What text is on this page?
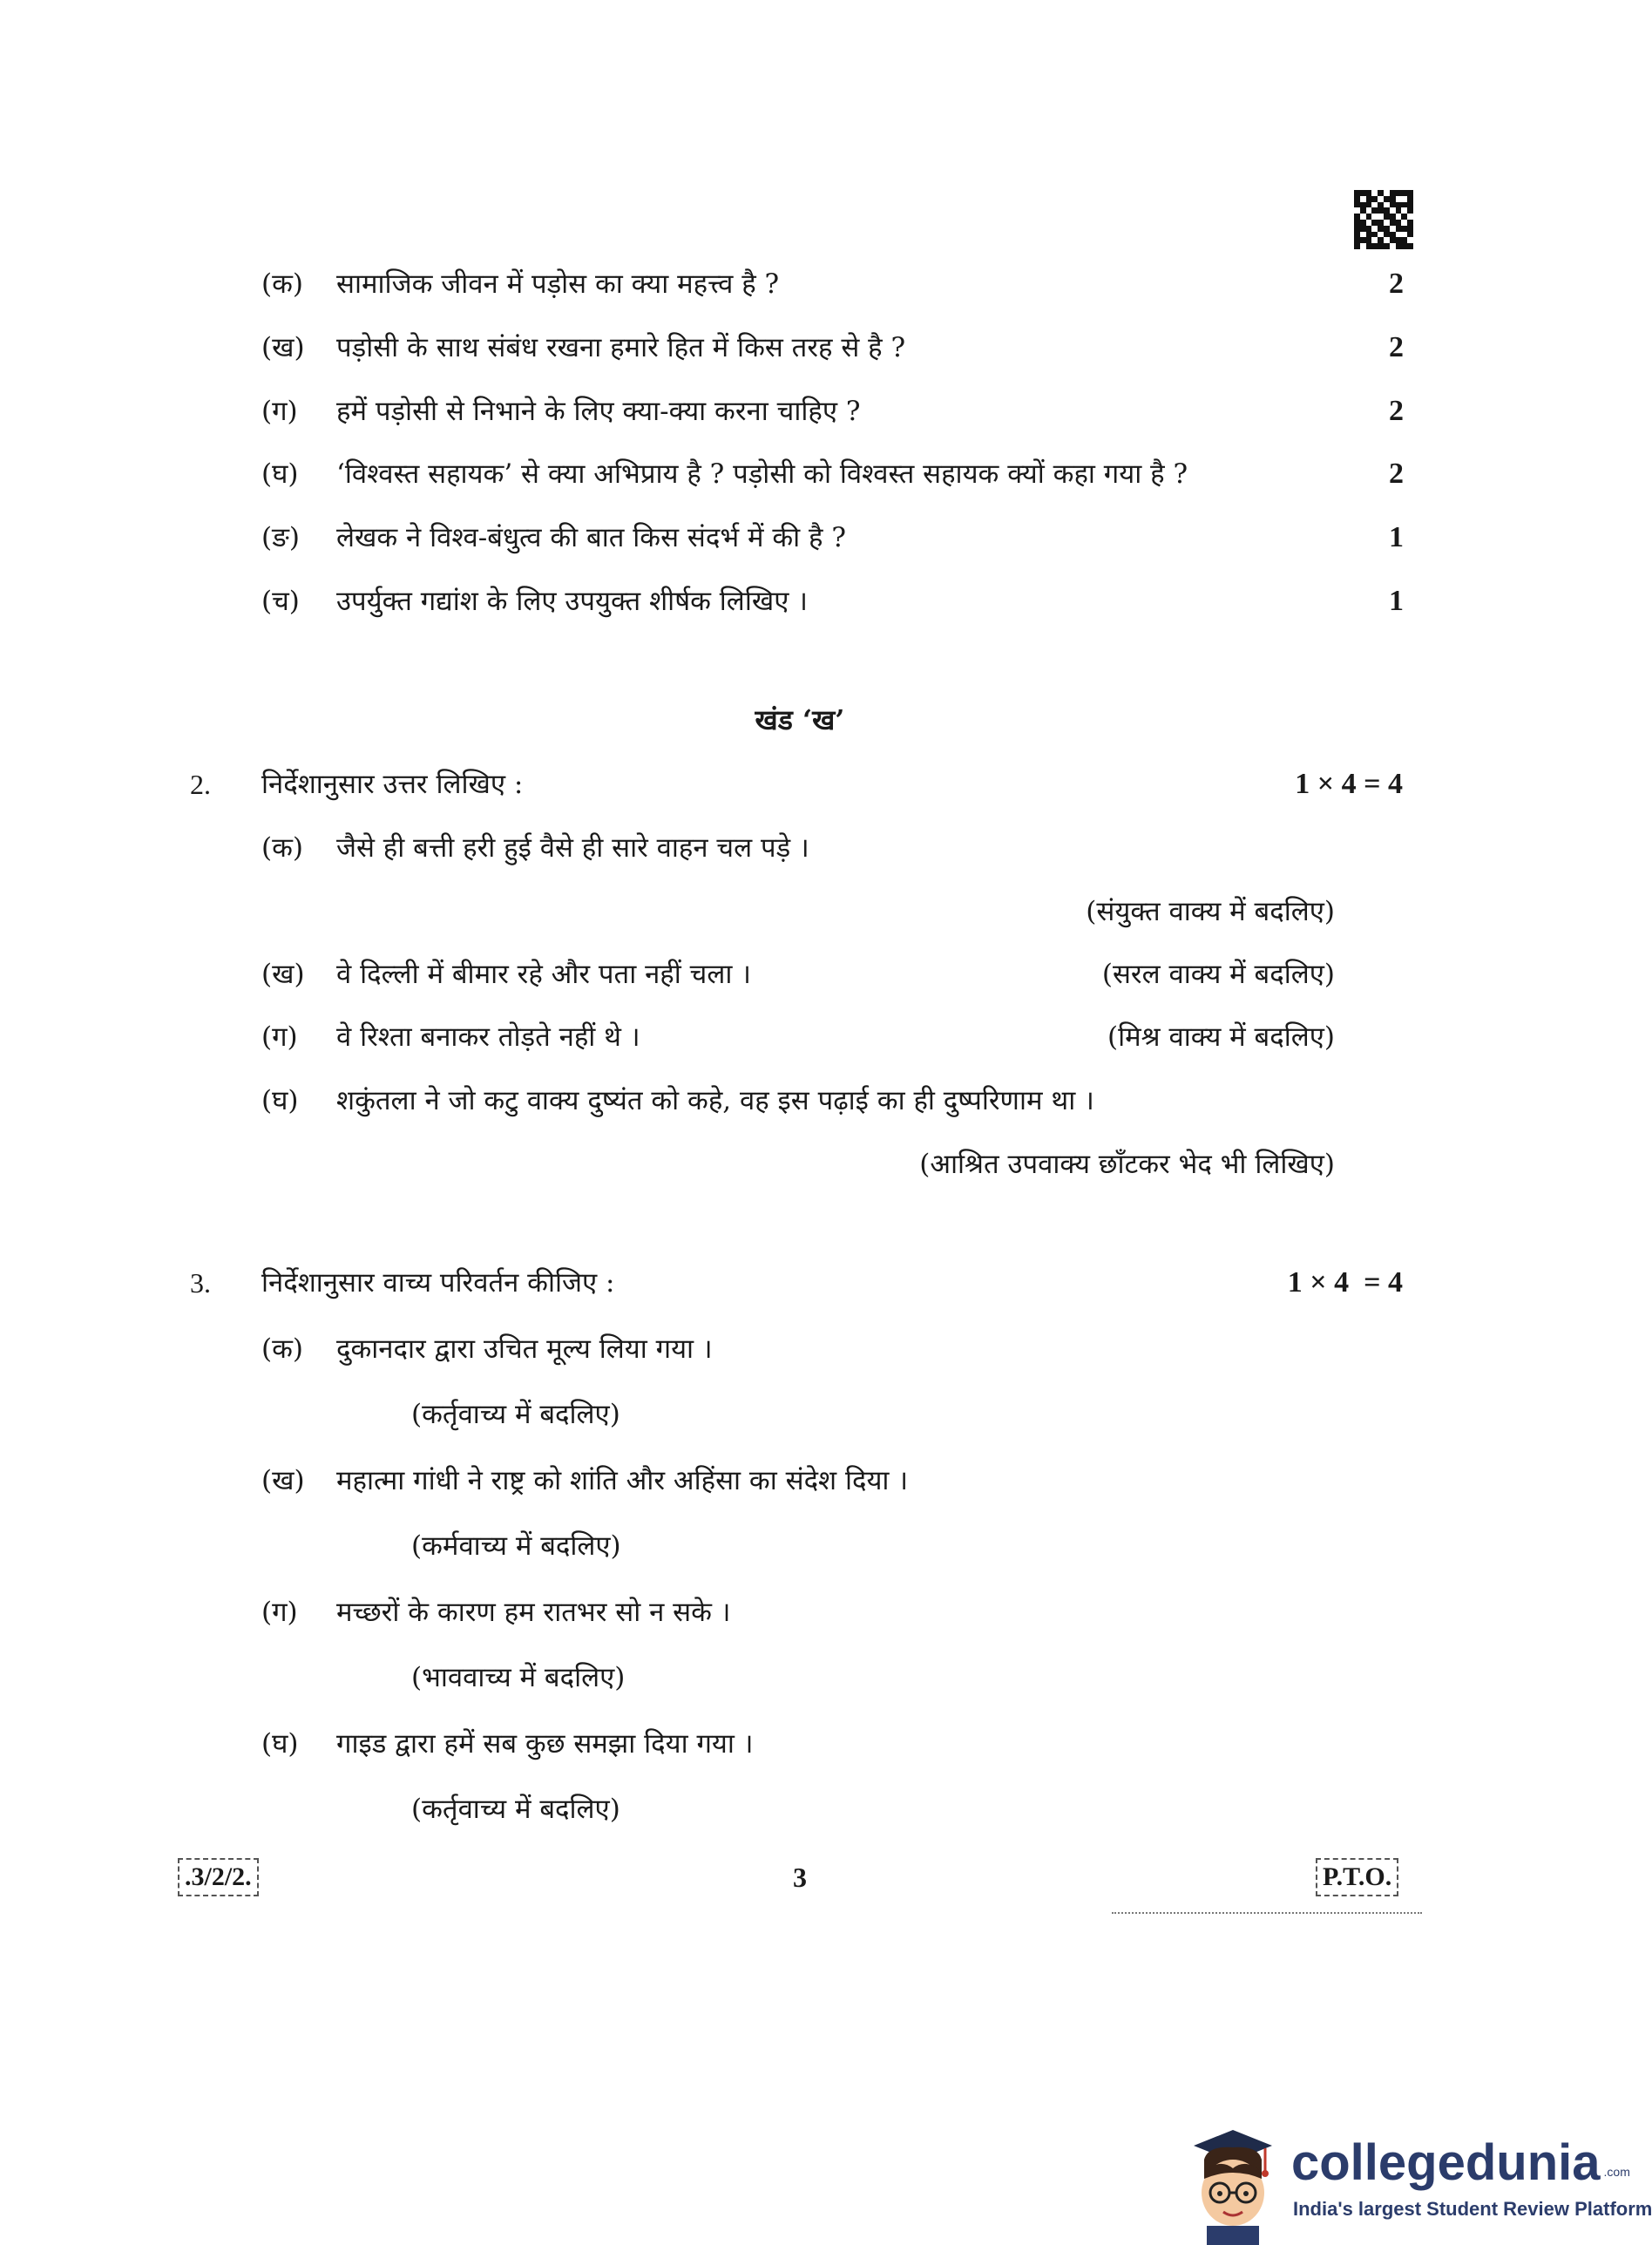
(क) सामाजिक जीवन में पड़ोस का क्या महत्त्व है ?	2
(ख) पड़ोसी के साथ संबंध रखना हमारे हित में किस तरह से है ?	2
(ग) हमें पड़ोसी से निभाने के लिए क्या-क्या करना चाहिए ?	2
(घ) ‘विश्वस्त सहायक’ से क्या अभिप्राय है ? पड़ोसी को विश्वस्त सहायक क्यों कहा गया है ?	2
(ङ) लेखक ने विश्व-बंधुत्व की बात किस संदर्भ में की है ?	1
(च) उपर्युक्त गद्यांश के लिए उपयुक्त शीर्षक लिखिए ।	1
खंड ‘ख’
2. निर्देशानुसार उत्तर लिखिए :	1 × 4 = 4
(क) जैसे ही बत्ती हरी हुई वैसे ही सारे वाहन चल पड़े ।
(संयुक्त वाक्य में बदलिए)
(ख) वे दिल्ली में बीमार रहे और पता नहीं चला ।	(सरल वाक्य में बदलिए)
(ग) वे रिश्ता बनाकर तोड़ते नहीं थे ।	(मिश्र वाक्य में बदलिए)
(घ) शकुंतला ने जो कटु वाक्य दुष्यंत को कहे, वह इस पढ़ाई का ही दुष्परिणाम था ।
(आश्रित उपवाक्य छाँटकर भेद भी लिखिए)
3. निर्देशानुसार वाच्य परिवर्तन कीजिए :	1 × 4  = 4
(क) दुकानदार द्वारा उचित मूल्य लिया गया ।
(कर्तृवाच्य में बदलिए)
(ख) महात्मा गांधी ने राष्ट्र को शांति और अहिंसा का संदेश दिया ।
(कर्मवाच्य में बदलिए)
(ग) मच्छरों के कारण हम रातभर सो न सके ।
(भाववाच्य में बदलिए)
(घ) गाइड द्वारा हमें सब कुछ समझा दिया गया ।
(कर्तृवाच्य में बदलिए)
.3/2/2.	3	P.T.O.
collegedunia .com
India's largest Student Review Platform
